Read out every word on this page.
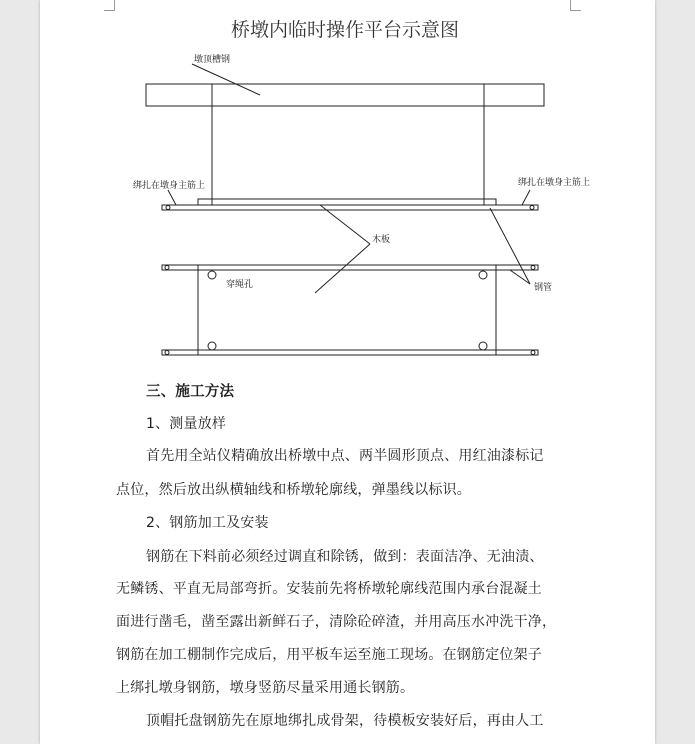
桥墩内临时操作平台示意图
墩顶槽钢
绑扎在墩身主筋上	绑扎在墩身主筋上
木板
穿绳孔	钢管
三、施工方法
1、测量放样
首先用全站仪精确放出桥墩中点、两半圆形顶点、用红油漆标记
点位，然后放出纵横轴线和桥墩轮廓线，弹墨线以标识。
2、钢筋加工及安装
钢筋在下料前必须经过调直和除锈，做到：表面洁净、无油渍、
无鳞锈、平直无局部弯折。安装前先将桥墩轮廓线范围内承台混凝土
面进行凿毛，凿至露出新鲜石子，清除砼碎渣，并用高压水冲洗干净，
钢筋在加工棚制作完成后，用平板车运至施工现场。在钢筋定位架子
上绑扎墩身钢筋，墩身竖筋尽量采用通长钢筋。
顶帽托盘钢筋先在原地绑扎成骨架，待模板安装好后，再由人工
